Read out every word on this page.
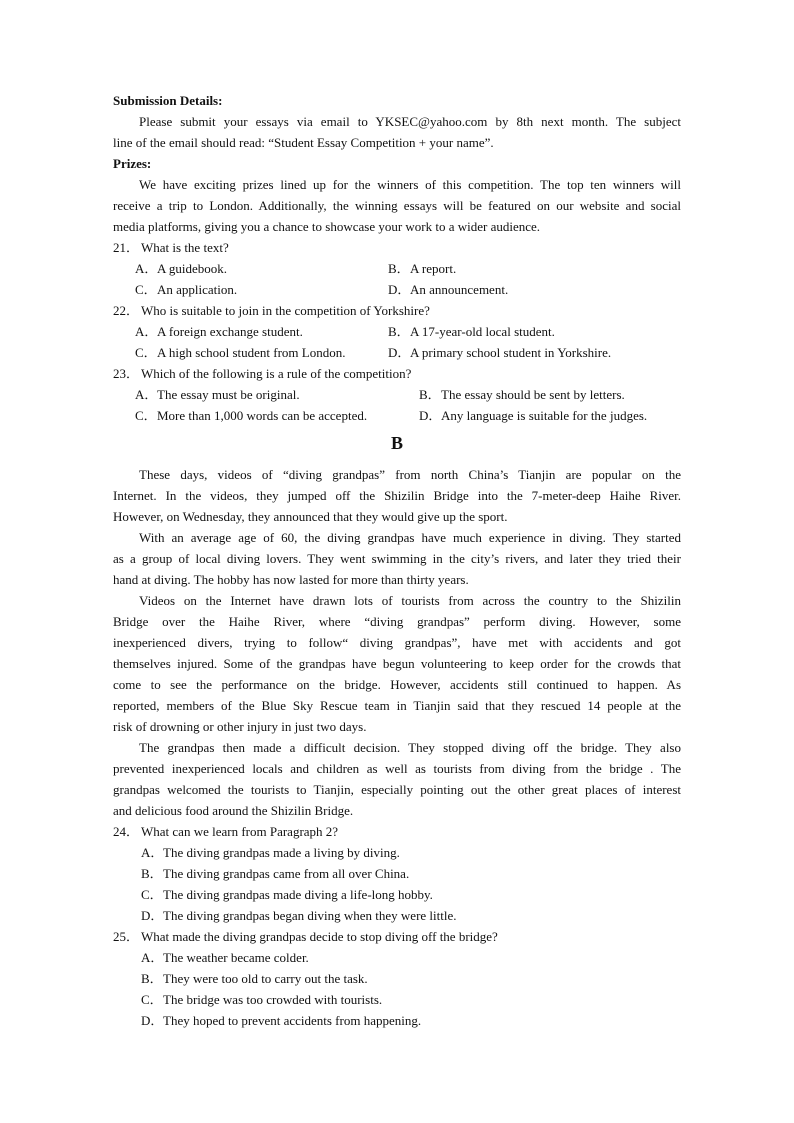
Submission Details:
Please submit your essays via email to YKSEC@yahoo.com by 8th next month. The subject
line of the email should read: “Student Essay Competition + your name”.
Prizes:
We have exciting prizes lined up for the winners of this competition. The top ten winners will
receive a trip to London. Additionally, the winning essays will be featured on our website and social
media platforms, giving you a chance to showcase your work to a wider audience.
21． What is the text?
A．A guidebook.	B．A report.
C．An application.	D．An announcement.
22． Who is suitable to join in the competition of Yorkshire?
A．A foreign exchange student.	B．A 17-year-old local student.
C．A high school student from London.	D．A primary school student in Yorkshire.
23． Which of the following is a rule of the competition?
A．The essay must be original.	B．The essay should be sent by letters.
C．More than 1,000 words can be accepted.	D．Any language is suitable for the judges.
B
These days, videos of “diving grandpas” from north China’s Tianjin are popular on the
Internet. In the videos, they jumped off the Shizilin Bridge into the 7-meter-deep Haihe River.
However, on Wednesday, they announced that they would give up the sport.
With an average age of 60, the diving grandpas have much experience in diving. They started
as a group of local diving lovers. They went swimming in the city’s rivers, and later they tried their
hand at diving. The hobby has now lasted for more than thirty years.
Videos on the Internet have drawn lots of tourists from across the country to the Shizilin
Bridge over the Haihe River, where “diving grandpas” perform diving. However, some
inexperienced divers, trying to follow“ diving grandpas”, have met with accidents and got
themselves injured. Some of the grandpas have begun volunteering to keep order for the crowds that
come to see the performance on the bridge. However, accidents still continued to happen. As
reported, members of the Blue Sky Rescue team in Tianjin said that they rescued 14 people at the
risk of drowning or other injury in just two days.
The grandpas then made a difficult decision. They stopped diving off the bridge. They also
prevented inexperienced locals and children as well as tourists from diving from the bridge . The
grandpas welcomed the tourists to Tianjin, especially pointing out the other great places of interest
and delicious food around the Shizilin Bridge.
24． What can we learn from Paragraph 2?
A．The diving grandpas made a living by diving.
B．The diving grandpas came from all over China.
C．The diving grandpas made diving a life-long hobby.
D．The diving grandpas began diving when they were little.
25． What made the diving grandpas decide to stop diving off the bridge?
A．The weather became colder.
B．They were too old to carry out the task.
C．The bridge was too crowded with tourists.
D．They hoped to prevent accidents from happening.
